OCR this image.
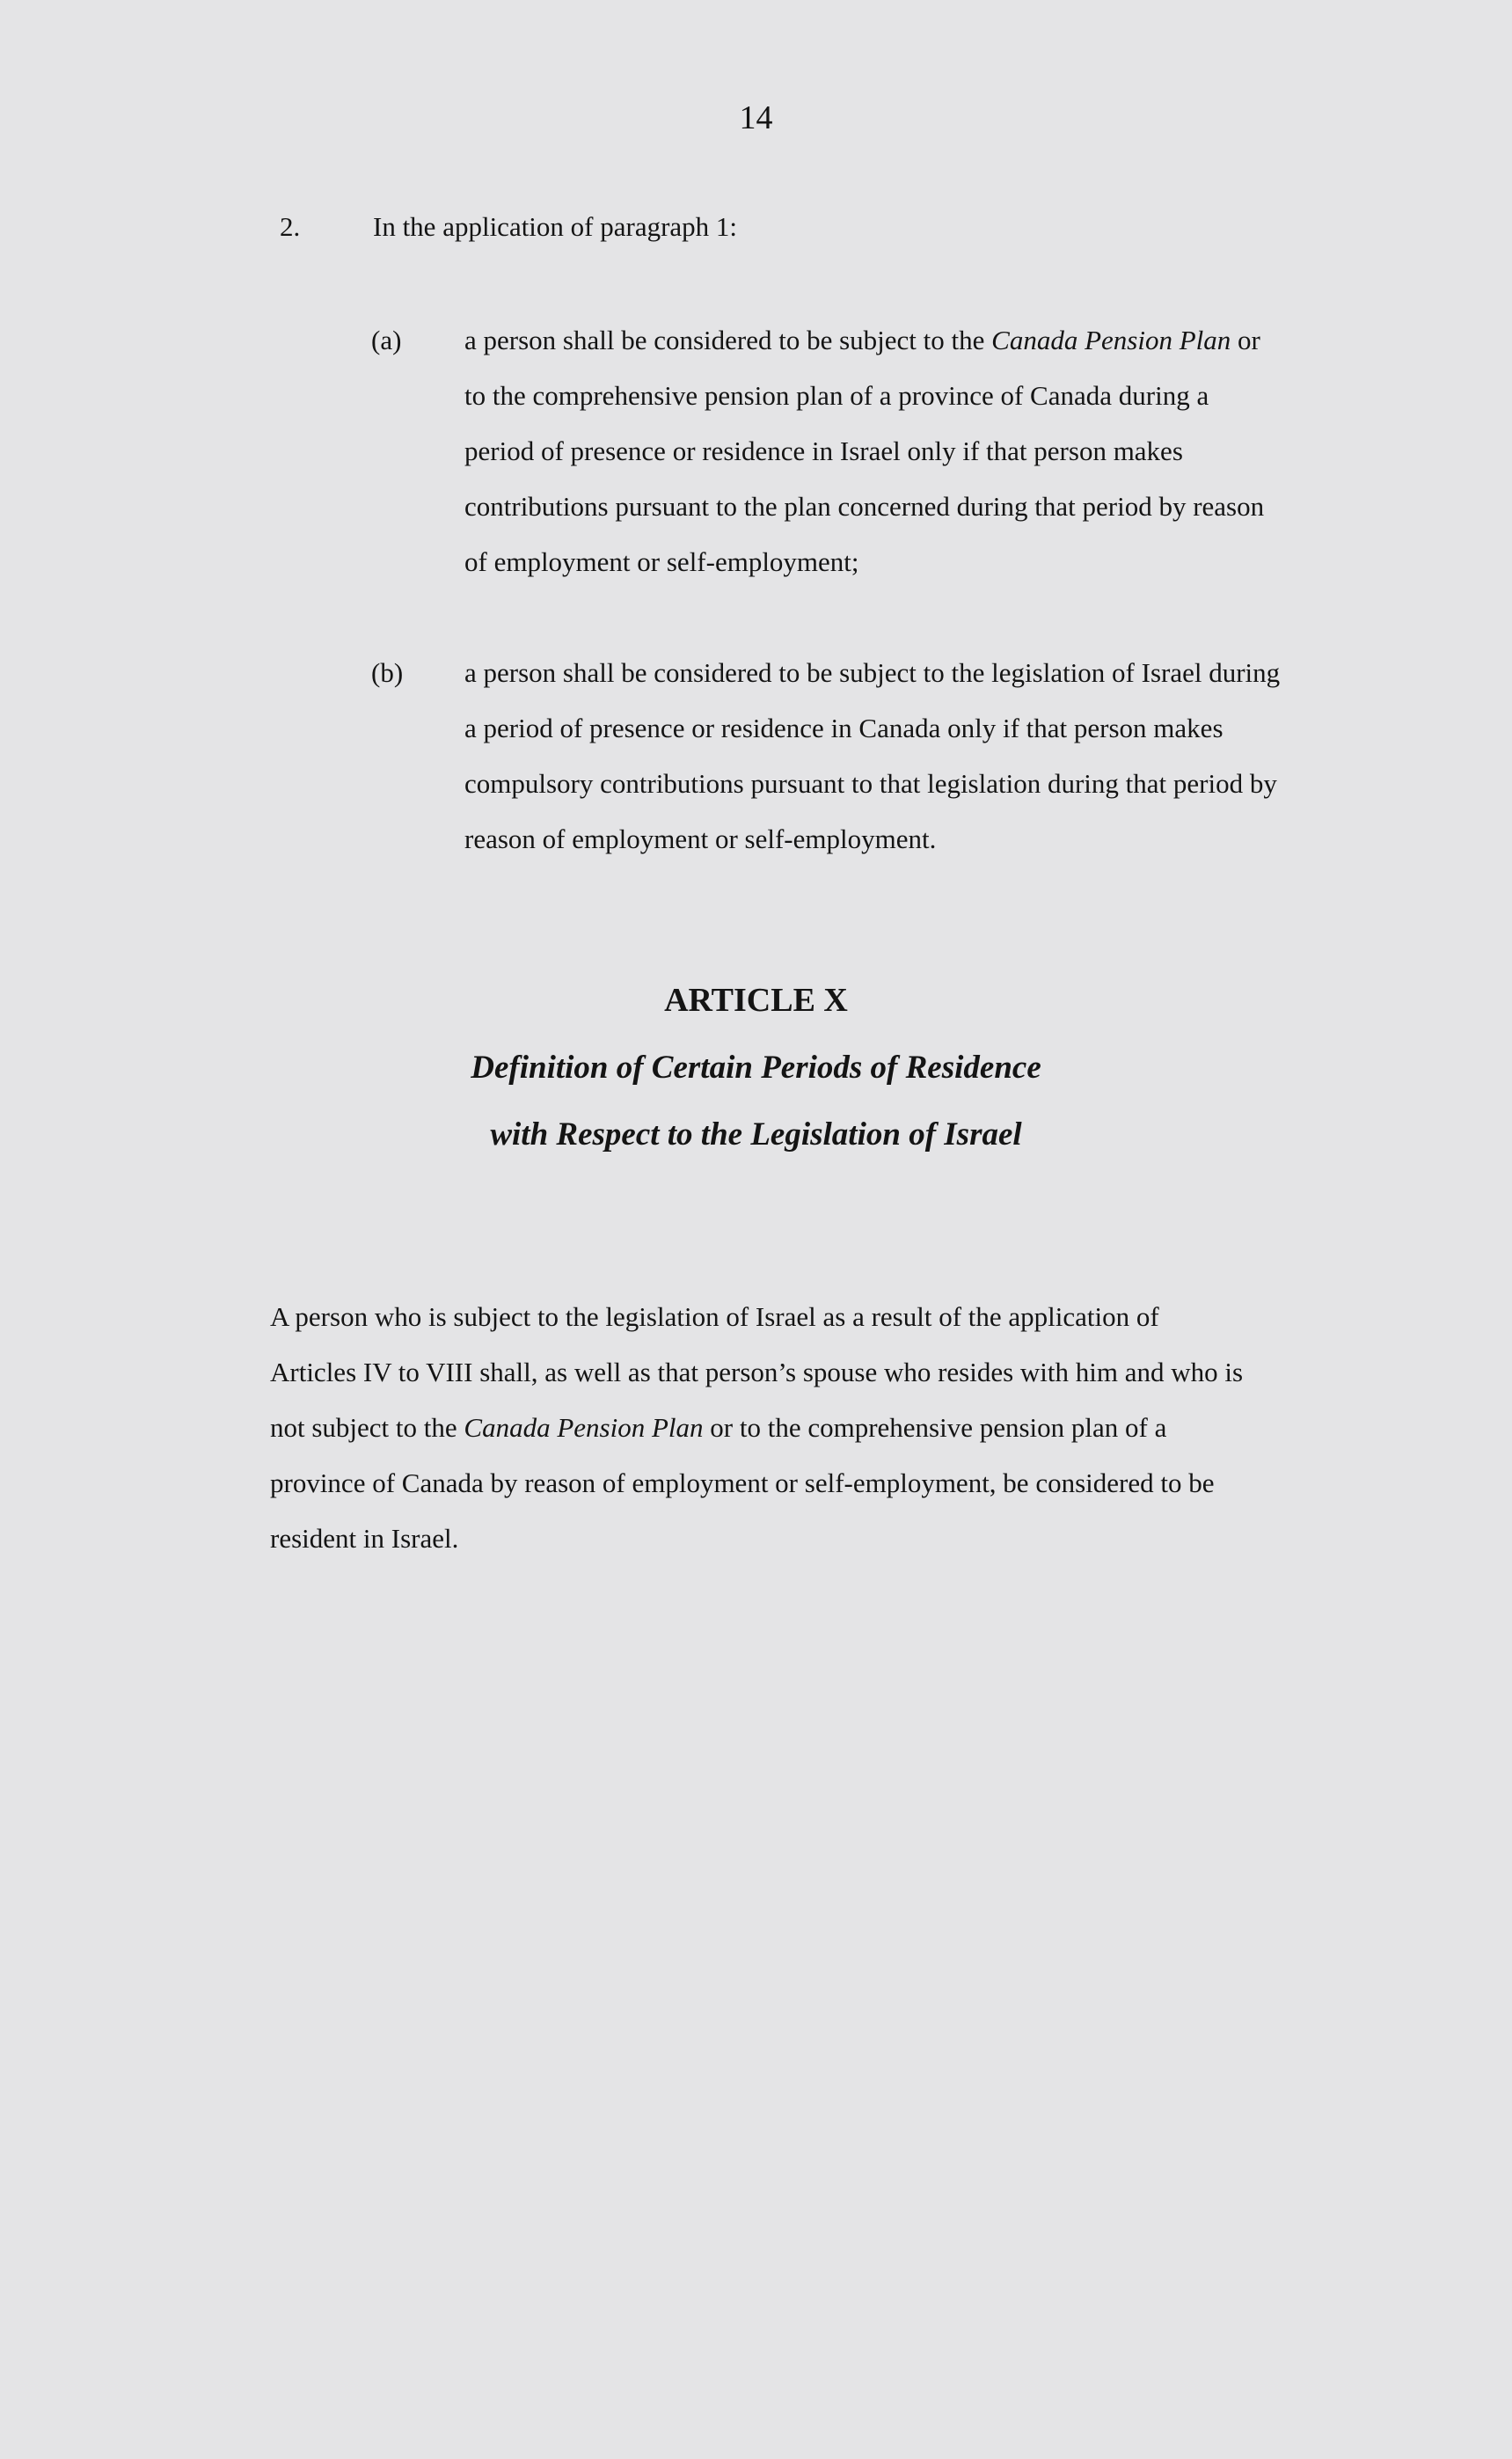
14
2.	In the application of paragraph 1:
(a) a person shall be considered to be subject to the Canada Pension Plan or
to the comprehensive pension plan of a province of Canada during a
period of presence or residence in Israel only if that person makes
contributions pursuant to the plan concerned during that period by reason
of employment or self-employment;
(b) a person shall be considered to be subject to the legislation of Israel during
a period of presence or residence in Canada only if that person makes
compulsory contributions pursuant to that legislation during that period by
reason of employment or self-employment.
ARTICLE X
Definition of Certain Periods of Residence
with Respect to the Legislation of Israel
A person who is subject to the legislation of Israel as a result of the application of
Articles IV to VIII shall, as well as that person’s spouse who resides with him and who is
not subject to the Canada Pension Plan or to the comprehensive pension plan of a
province of Canada by reason of employment or self-employment, be considered to be
resident in Israel.
